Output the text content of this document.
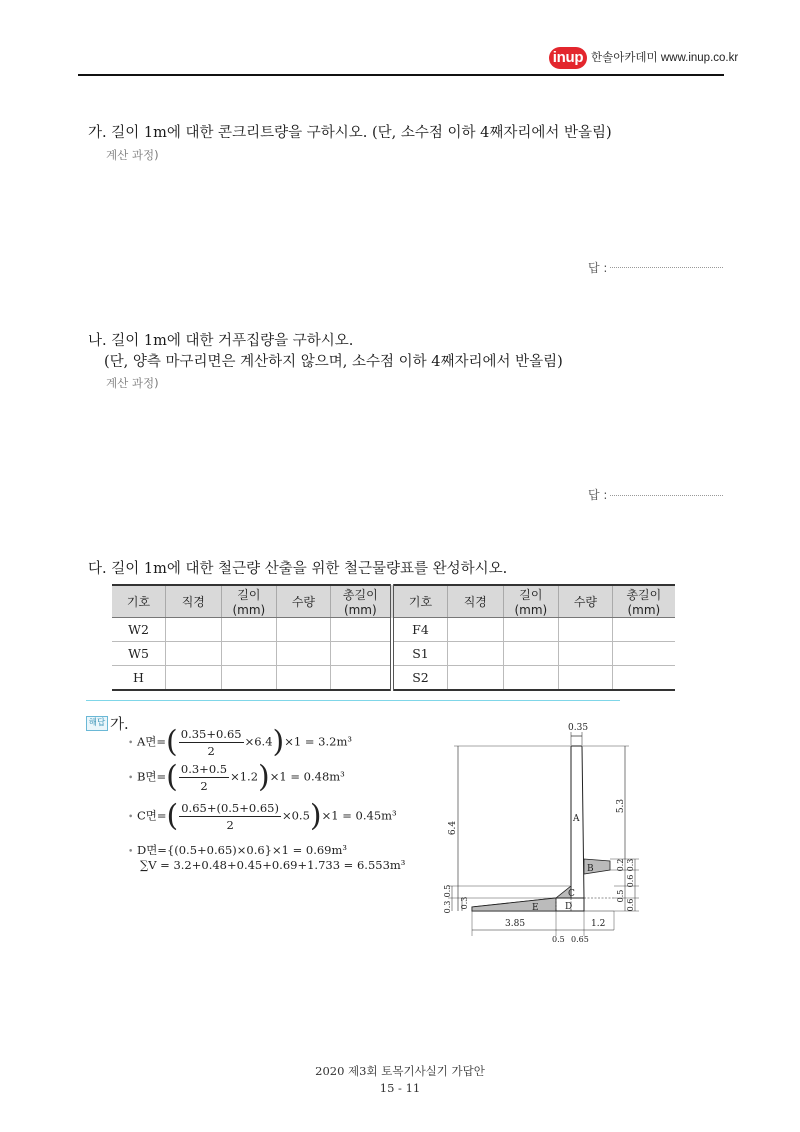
inup 한솔아카데미 www.inup.co.kr
가. 길이 1m에 대한 콘크리트량을 구하시오. (단, 소수점 이하 4째자리에서 반올림)
계산 과정)
답 :
나. 길이 1m에 대한 거푸집량을 구하시오.
(단, 양측 마구리면은 계산하지 않으며, 소수점 이하 4째자리에서 반올림)
계산 과정)
답 :
다. 길이 1m에 대한 철근량 산출을 위한 철근물량표를 완성하시오.
기호	직경	길이(mm)	수량	총길이(mm)	기호	직경	길이(mm)	수량	총길이(mm)
W2					F4				
W5					S1				
H					S2				
해답 가.
• A면=( $\frac{0.35+0.65}{2} \times 6.4)\times 1 = 3.2m^3$
• B면=( $\frac{0.3+0.5}{2} \times 1.2)\times 1 = 0.48m^3$
• C면=( $\frac{0.65+(0.5+0.65)}{2} \times 0.5)\times 1 = 0.45m^3$
• D면={(0.5+0.65)×0.6}×1 = 0.69m³
∑V = 3.2+0.48+0.45+0.69+1.733 = 6.553m³
0.35
A
B
C
D
E
6.4
0.5
0.3 0.3
5.3
0.2 0.3
0.6
0.5
0.6
3.85	1.2
0.5 0.65
2020 제3회 토목기사실기 가답안
15 - 11
